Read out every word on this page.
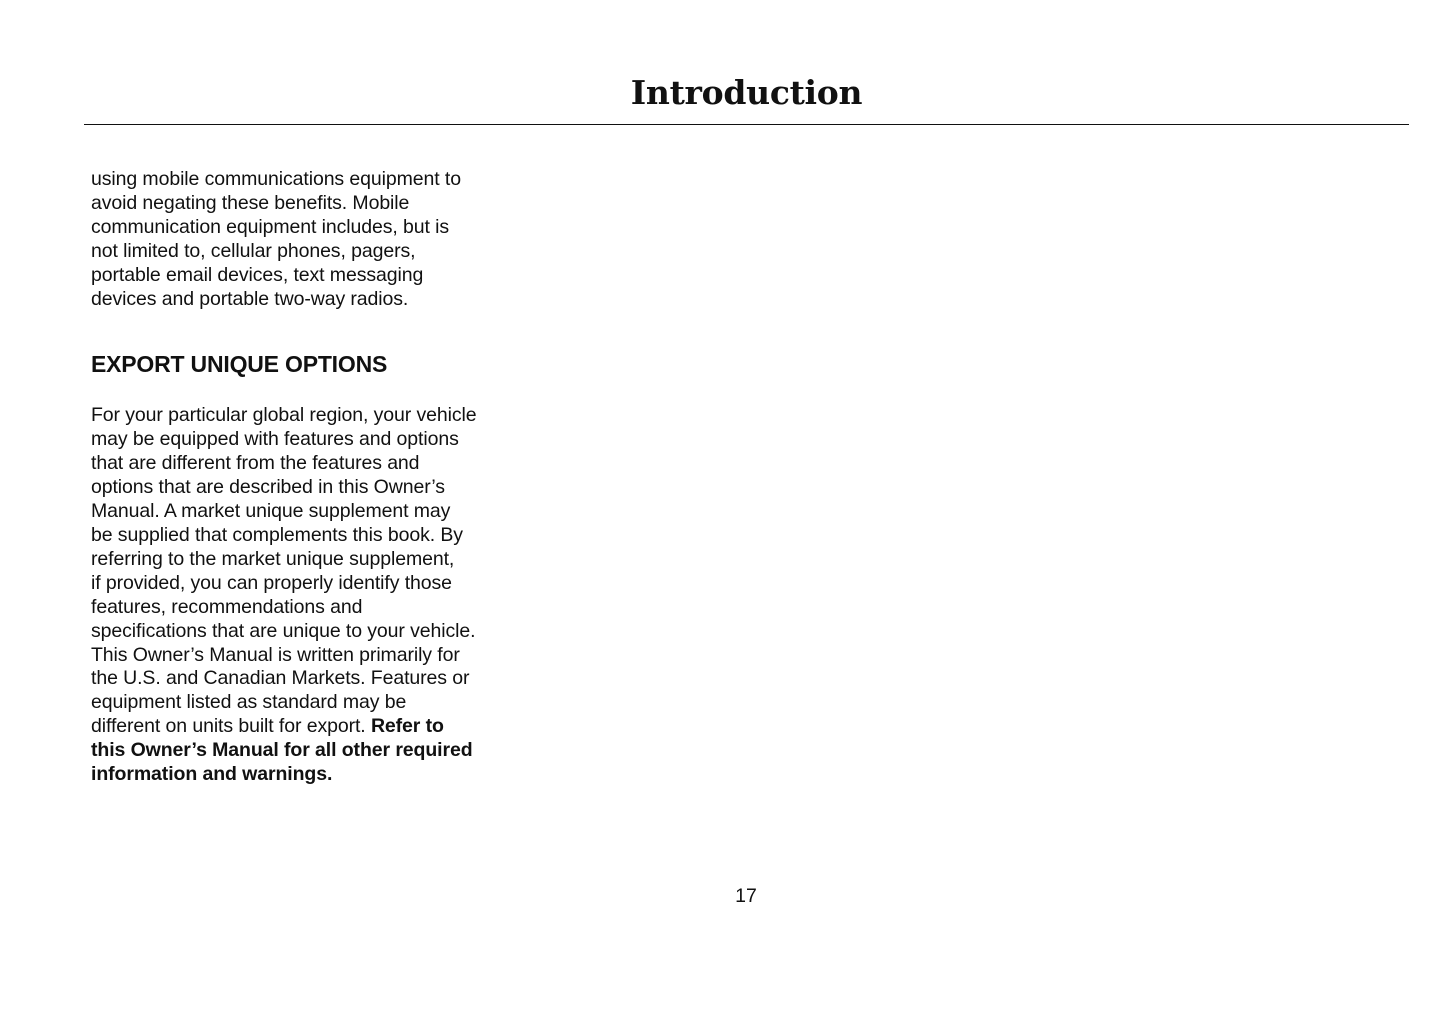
Introduction

using mobile communications equipment to
avoid negating these benefits. Mobile
communication equipment includes, but is
not limited to, cellular phones, pagers,
portable email devices, text messaging
devices and portable two-way radios.

EXPORT UNIQUE OPTIONS

For your particular global region, your vehicle
may be equipped with features and options
that are different from the features and
options that are described in this Owner’s
Manual. A market unique supplement may
be supplied that complements this book. By
referring to the market unique supplement,
if provided, you can properly identify those
features, recommendations and
specifications that are unique to your vehicle.
This Owner’s Manual is written primarily for
the U.S. and Canadian Markets. Features or
equipment listed as standard may be
different on units built for export. Refer to
this Owner’s Manual for all other required
information and warnings.

17
